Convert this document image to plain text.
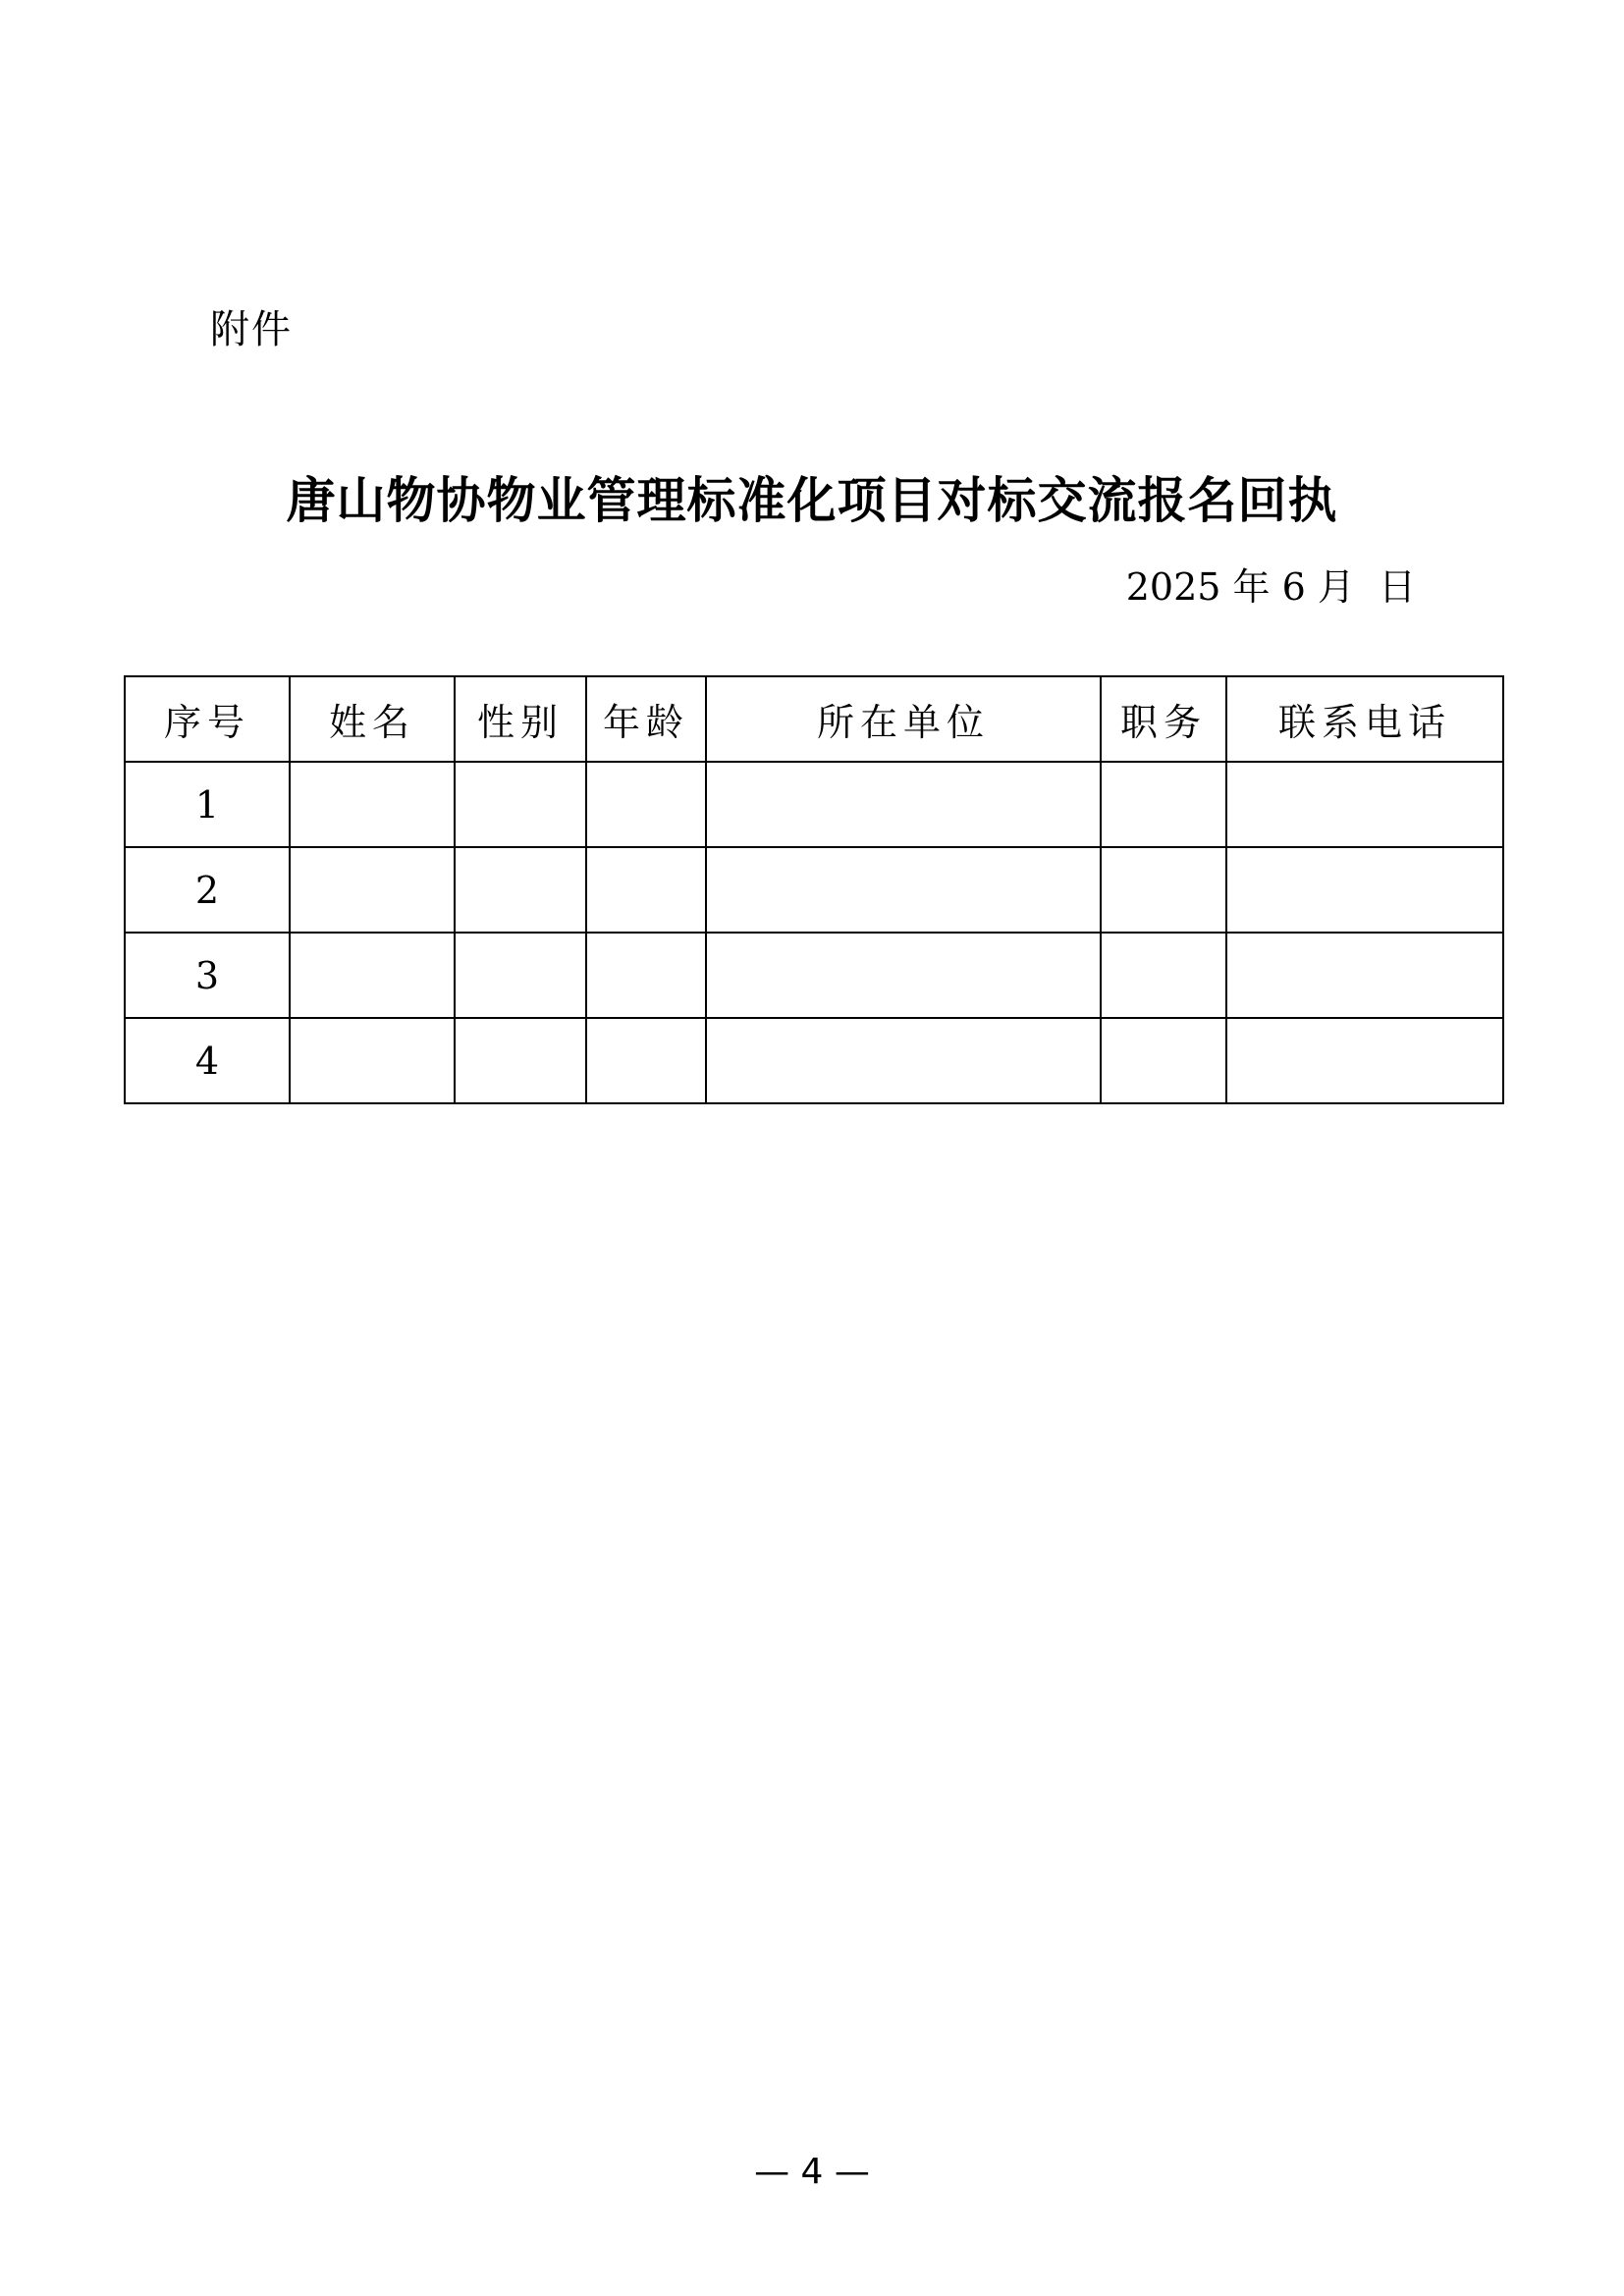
附件
唐山物协物业管理标准化项目对标交流报名回执
2025 年 6 月  日
序号	姓名	性别	年龄	所在单位	职务	联系电话
1						
2						
3						
4						
— 4 —
